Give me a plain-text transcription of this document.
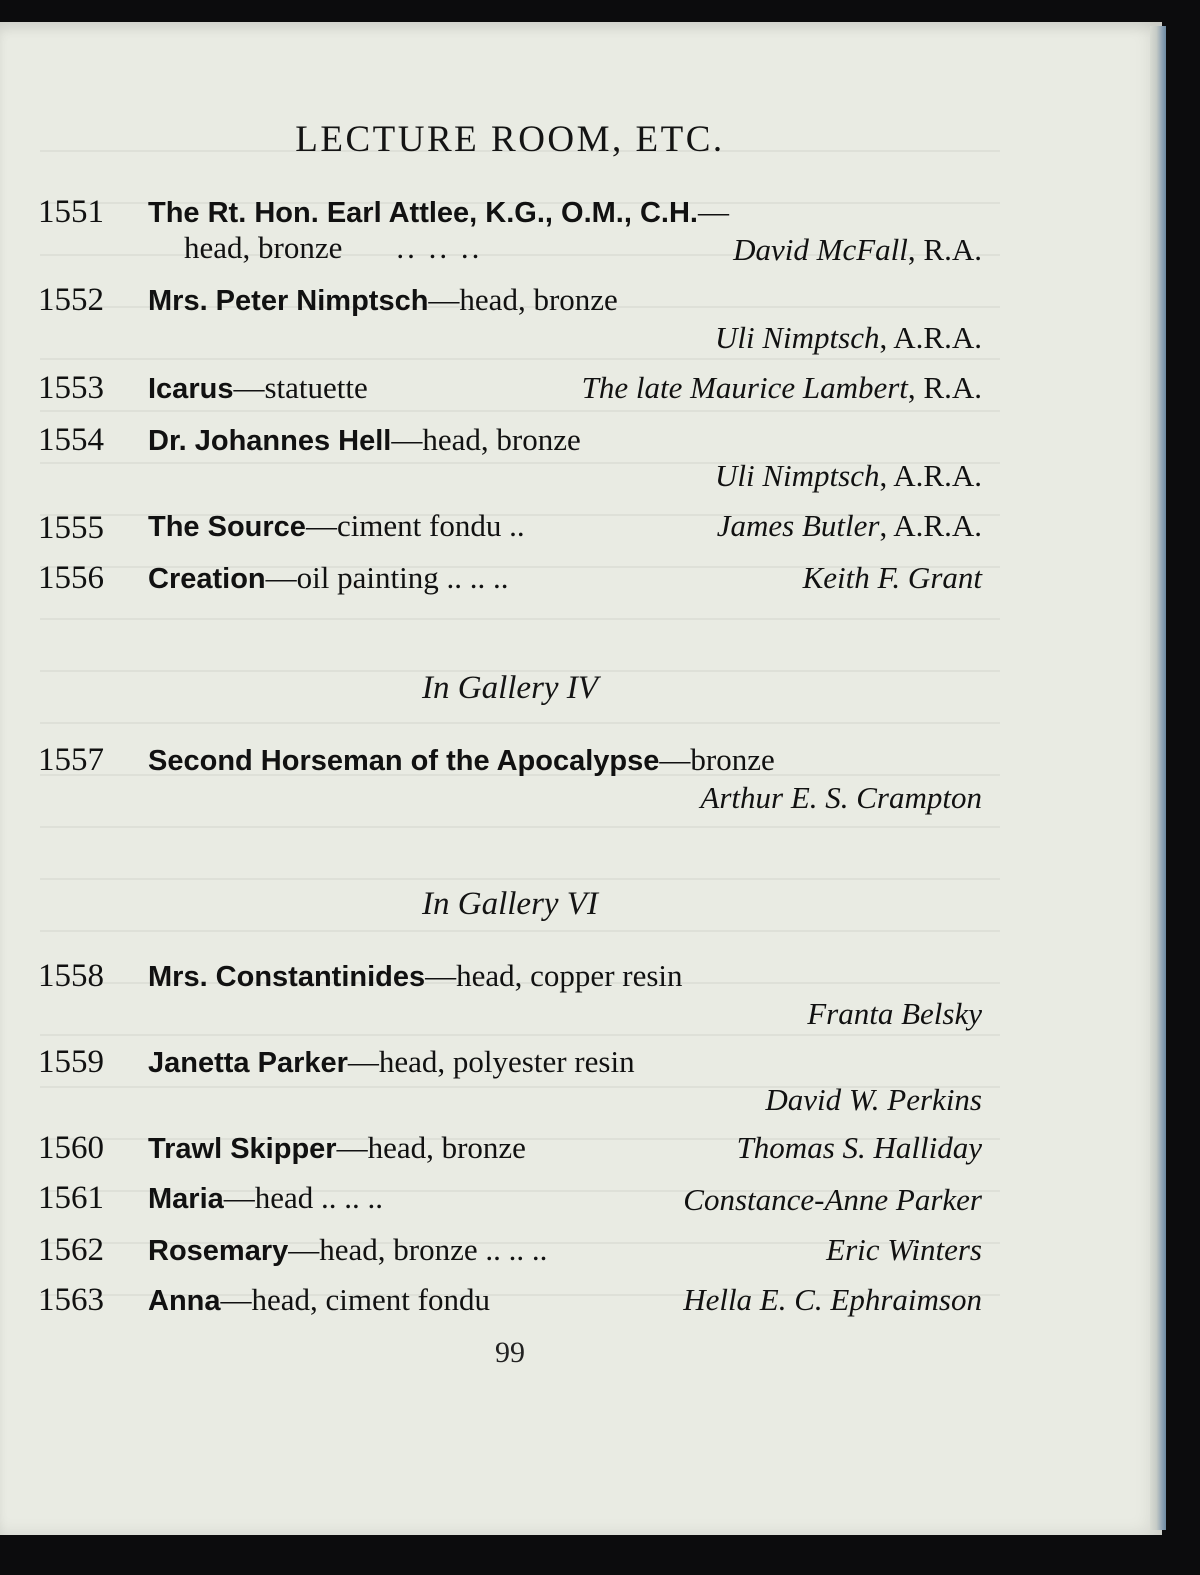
LECTURE ROOM, ETC.
1551 The Rt. Hon. Earl Attlee, K.G., O.M., C.H.—
head, bronze .. .. ..	David McFall, R.A.
1552 Mrs. Peter Nimptsch—head, bronze
Uli Nimptsch, A.R.A.
1553 Icarus—statuette	The late Maurice Lambert, R.A.
1554 Dr. Johannes Hell—head, bronze
Uli Nimptsch, A.R.A.
1555 The Source—ciment fondu ..	James Butler, A.R.A.
1556 Creation—oil painting .. .. ..	Keith F. Grant
In Gallery IV
1557 Second Horseman of the Apocalypse—bronze
Arthur E. S. Crampton
In Gallery VI
1558 Mrs. Constantinides—head, copper resin
Franta Belsky
1559 Janetta Parker—head, polyester resin
David W. Perkins
1560 Trawl Skipper—head, bronze	Thomas S. Halliday
1561 Maria—head .. .. ..	Constance-Anne Parker
1562 Rosemary—head, bronze .. .. ..	Eric Winters
1563 Anna—head, ciment fondu	Hella E. C. Ephraimson
99
